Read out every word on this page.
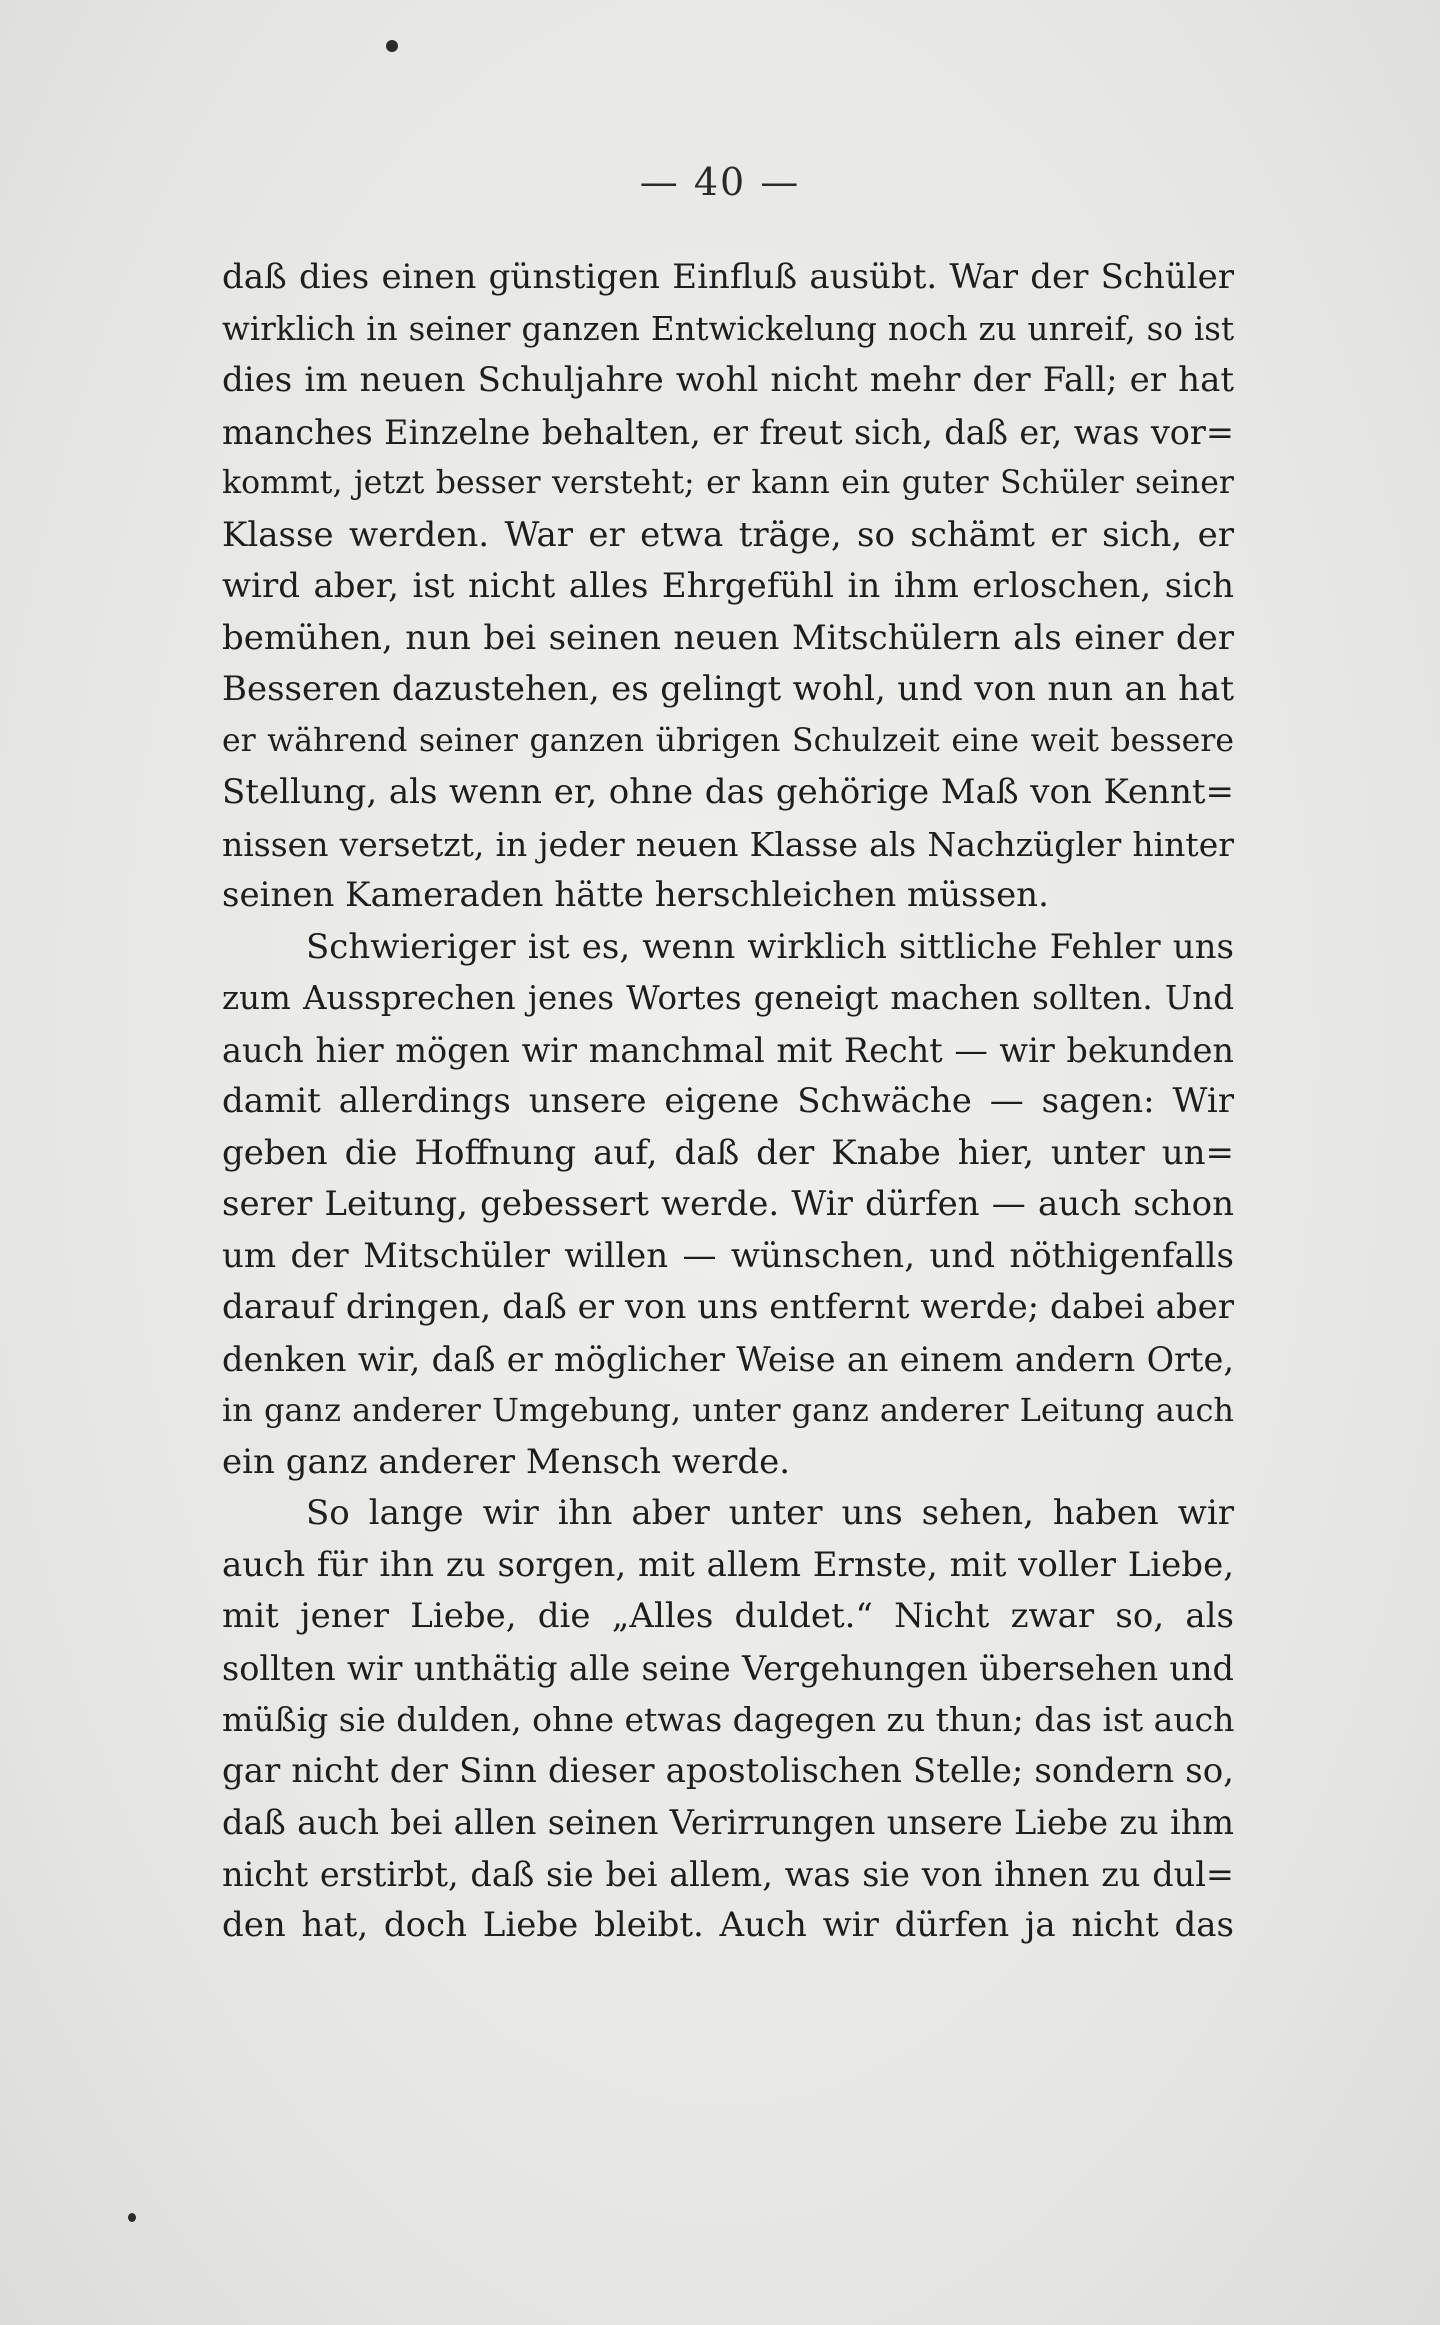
— 40 —
daß dies einen günstigen Einfluß ausübt. War der Schüler
wirklich in seiner ganzen Entwickelung noch zu unreif, so ist
dies im neuen Schuljahre wohl nicht mehr der Fall; er hat
manches Einzelne behalten, er freut sich, daß er, was vor=
kommt, jetzt besser versteht; er kann ein guter Schüler seiner
Klasse werden. War er etwa träge, so schämt er sich, er
wird aber, ist nicht alles Ehrgefühl in ihm erloschen, sich
bemühen, nun bei seinen neuen Mitschülern als einer der
Besseren dazustehen, es gelingt wohl, und von nun an hat
er während seiner ganzen übrigen Schulzeit eine weit bessere
Stellung, als wenn er, ohne das gehörige Maß von Kennt=
nissen versetzt, in jeder neuen Klasse als Nachzügler hinter
seinen Kameraden hätte herschleichen müssen.
Schwieriger ist es, wenn wirklich sittliche Fehler uns
zum Aussprechen jenes Wortes geneigt machen sollten. Und
auch hier mögen wir manchmal mit Recht — wir bekunden
damit allerdings unsere eigene Schwäche — sagen: Wir
geben die Hoffnung auf, daß der Knabe hier, unter un=
serer Leitung, gebessert werde. Wir dürfen — auch schon
um der Mitschüler willen — wünschen, und nöthigenfalls
darauf dringen, daß er von uns entfernt werde; dabei aber
denken wir, daß er möglicher Weise an einem andern Orte,
in ganz anderer Umgebung, unter ganz anderer Leitung auch
ein ganz anderer Mensch werde.
So lange wir ihn aber unter uns sehen, haben wir
auch für ihn zu sorgen, mit allem Ernste, mit voller Liebe,
mit jener Liebe, die „Alles duldet.“ Nicht zwar so, als
sollten wir unthätig alle seine Vergehungen übersehen und
müßig sie dulden, ohne etwas dagegen zu thun; das ist auch
gar nicht der Sinn dieser apostolischen Stelle; sondern so,
daß auch bei allen seinen Verirrungen unsere Liebe zu ihm
nicht erstirbt, daß sie bei allem, was sie von ihnen zu dul=
den hat, doch Liebe bleibt. Auch wir dürfen ja nicht das
